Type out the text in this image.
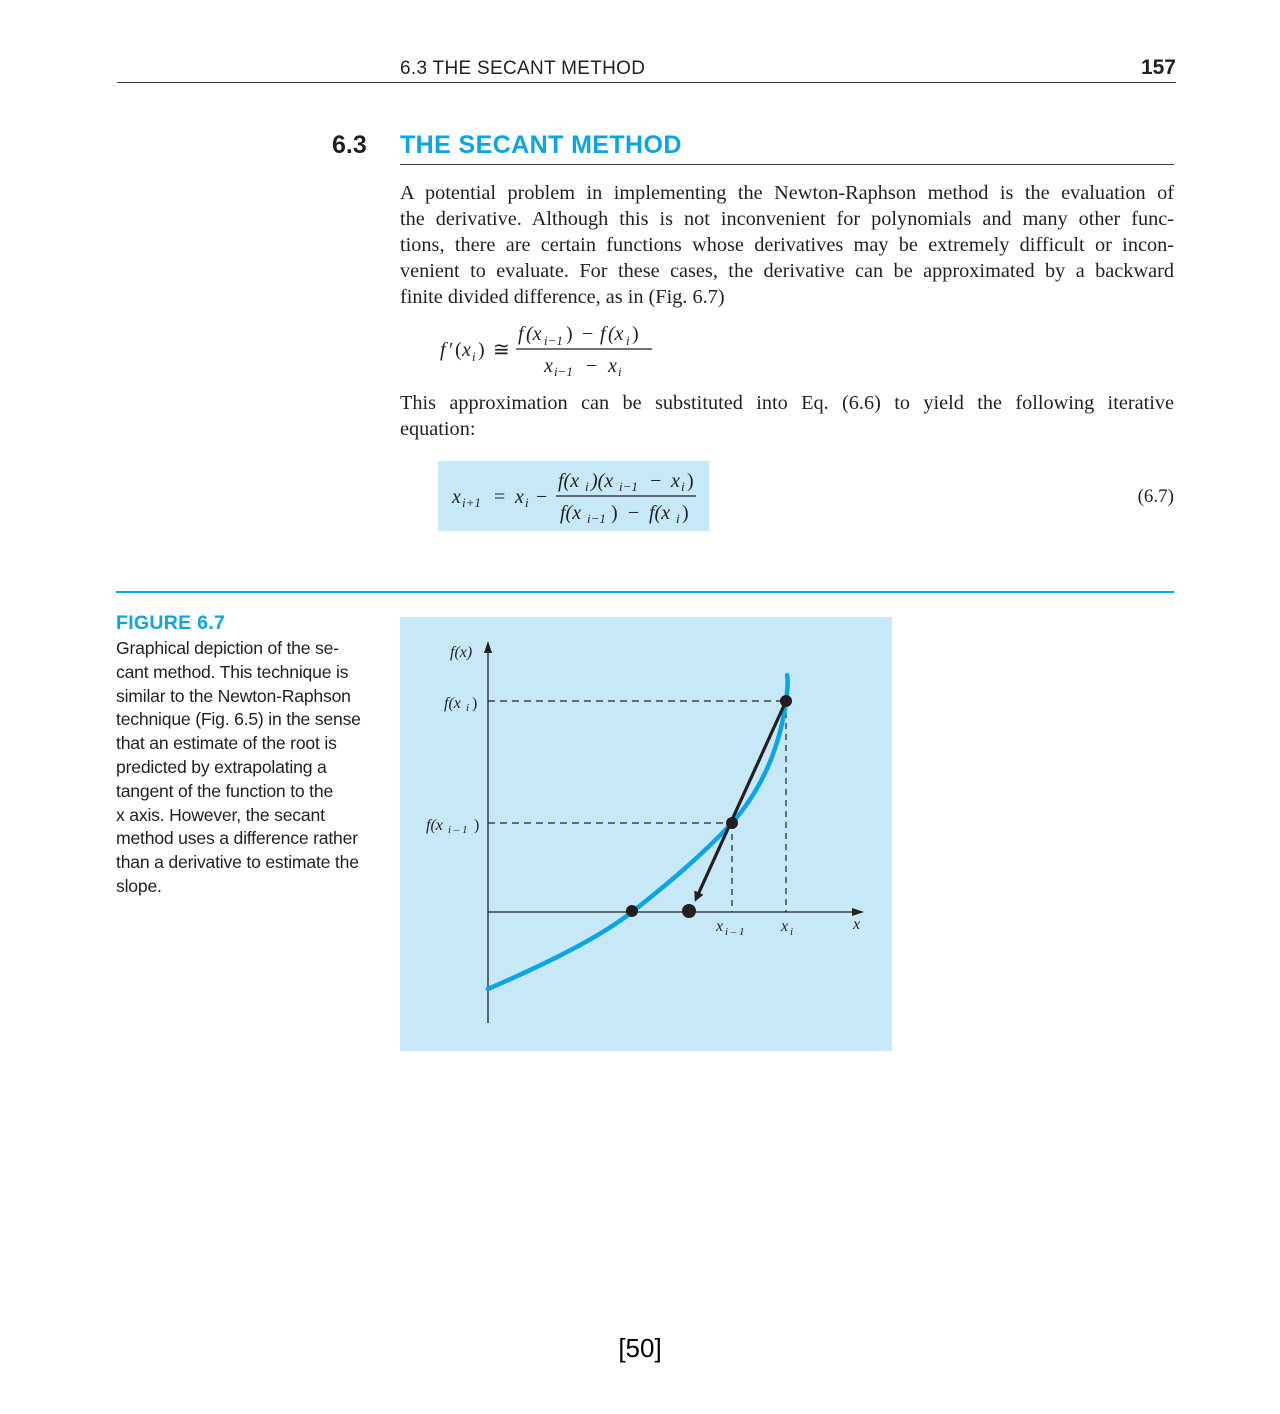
6.3 THE SECANT METHOD	157
6.3 THE SECANT METHOD
A potential problem in implementing the Newton-Raphson method is the evaluation of
the derivative. Although this is not inconvenient for polynomials and many other func-
tions, there are certain functions whose derivatives may be extremely difficult or incon-
venient to evaluate. For these cases, the derivative can be approximated by a backward
finite divided difference, as in (Fig. 6.7)
f ′ ( x i ) ≅
f (x i−1 ) − f (x i )
x i−1 − x i
This approximation can be substituted into Eq. (6.6) to yield the following iterative
equation:
x i+1 = x i −
f(x i )(x i−1 − x i )
f(x i−1 ) − f(x i )
(6.7)
FIGURE 6.7
Graphical depiction of the se-
cant method. This technique is
similar to the Newton-Raphson
technique (Fig. 6.5) in the sense
that an estimate of the root is
predicted by extrapolating a
tangent of the function to the
x axis. However, the secant
method uses a difference rather
than a derivative to estimate the
slope.
f(x)
f(x i )
f(x i – 1 )
x i – 1 x i	x
[50]
